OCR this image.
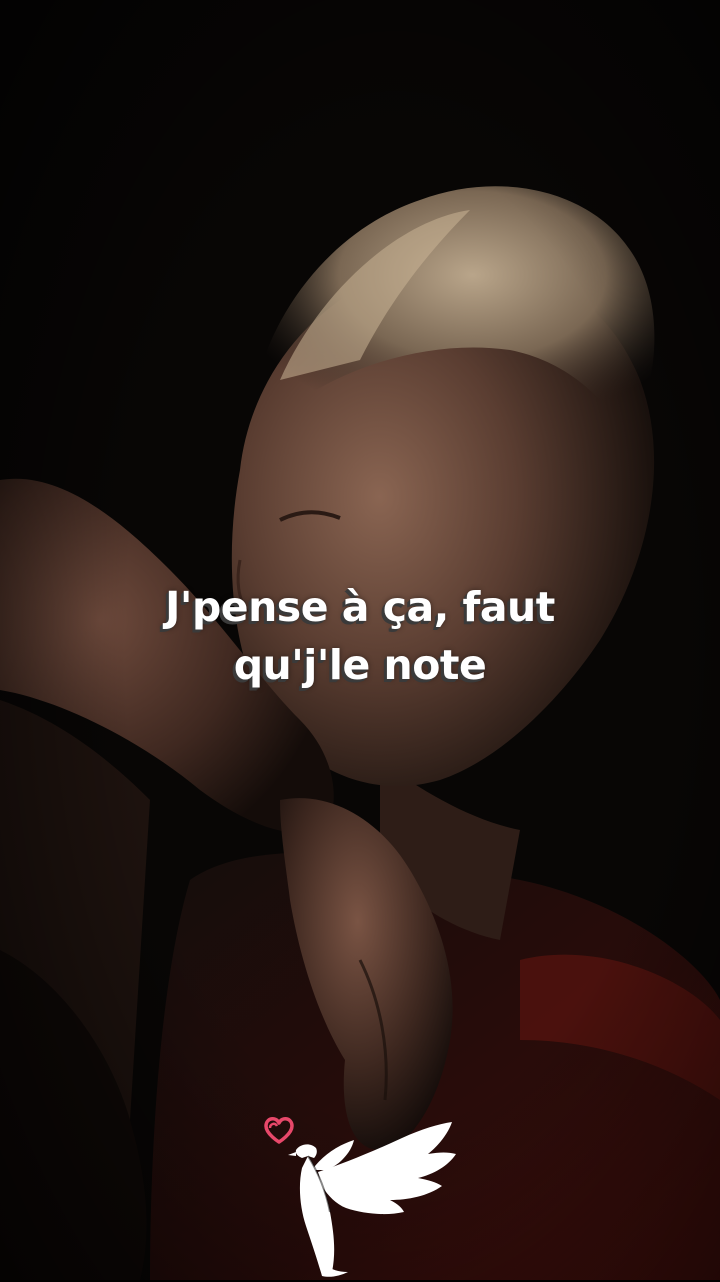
J'pense à ça, faut
qu'j'le note
